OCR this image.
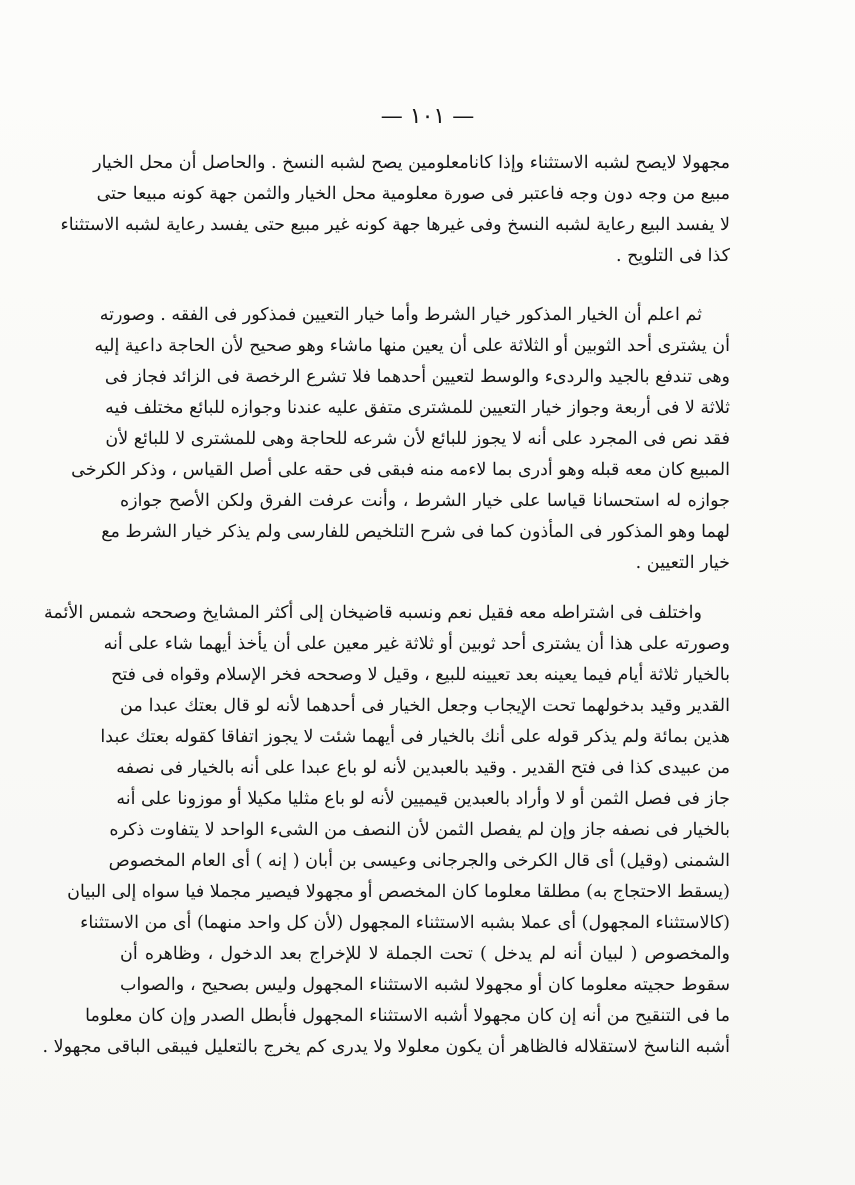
— ١٠١ —
مجهولا لايصح لشبه الاستثناء وإذا كانامعلومين يصح لشبه النسخ . والحاصل أن محل الخيار
مبيع من وجه دون وجه فاعتبر فى صورة معلومية محل الخيار والثمن جهة كونه مبيعا حتى
لا يفسد البيع رعاية لشبه النسخ وفى غيرها جهة كونه غير مبيع حتى يفسد رعاية لشبه الاستثناء
كذا فى التلويح .
ثم اعلم أن الخيار المذكور خيار الشرط وأما خيار التعيين فمذكور فى الفقه . وصورته
أن يشترى أحد الثوبين أو الثلاثة على أن يعين منها ماشاء وهو صحيح لأن الحاجة داعية إليه
وهى تندفع بالجيد والردىء والوسط لتعيين أحدهما فلا تشرع الرخصة فى الزائد فجاز فى
ثلاثة لا فى أربعة وجواز خيار التعيين للمشترى متفق عليه عندنا وجوازه للبائع مختلف فيه
فقد نص فى المجرد على أنه لا يجوز للبائع لأن شرعه للحاجة وهى للمشترى لا للبائع لأن
المبيع كان معه قبله وهو أدرى بما لاءمه منه فبقى فى حقه على أصل القياس ، وذكر الكرخى
جوازه له استحسانا قياسا على خيار الشرط ، وأنت عرفت الفرق ولكن الأصح جوازه
لهما وهو المذكور فى المأذون كما فى شرح التلخيص للفارسى ولم يذكر خيار الشرط مع
خيار التعيين .
واختلف فى اشتراطه معه فقيل نعم ونسبه قاضيخان إلى أكثر المشايخ وصححه شمس الأئمة
وصورته على هذا أن يشترى أحد ثوبين أو ثلاثة غير معين على أن يأخذ أيهما شاء على أنه
بالخيار ثلاثة أيام فيما يعينه بعد تعيينه للبيع ، وقيل لا وصححه فخر الإسلام وقواه فى فتح
القدير وقيد بدخولهما تحت الإيجاب وجعل الخيار فى أحدهما لأنه لو قال بعتك عبدا من
هذين بمائة ولم يذكر قوله على أنك بالخيار فى أيهما شئت لا يجوز اتفاقا كقوله بعتك عبدا
من عبيدى كذا فى فتح القدير . وقيد بالعبدين لأنه لو باع عبدا على أنه بالخيار فى نصفه
جاز فى فصل الثمن أو لا وأراد بالعبدين قيميين لأنه لو باع مثليا مكيلا أو موزونا على أنه
بالخيار فى نصفه جاز وإن لم يفصل الثمن لأن النصف من الشىء الواحد لا يتفاوت ذكره
الشمنى (وقيل) أى قال الكرخى والجرجانى وعيسى بن أبان ( إنه ) أى العام المخصوص
(يسقط الاحتجاج به) مطلقا معلوما كان المخصص أو مجهولا فيصير مجملا فيا سواه إلى البيان
(كالاستثناء المجهول) أى عملا بشبه الاستثناء المجهول (لأن كل واحد منهما) أى من الاستثناء
والمخصوص ( لبيان أنه لم يدخل ) تحت الجملة لا للإخراج بعد الدخول ، وظاهره أن
سقوط حجيته معلوما كان أو مجهولا لشبه الاستثناء المجهول وليس بصحيح ، والصواب
ما فى التنقيح من أنه إن كان مجهولا أشبه الاستثناء المجهول فأبطل الصدر وإن كان معلوما
أشبه الناسخ لاستقلاله فالظاهر أن يكون معلولا ولا يدرى كم يخرج بالتعليل فيبقى الباقى مجهولا .
